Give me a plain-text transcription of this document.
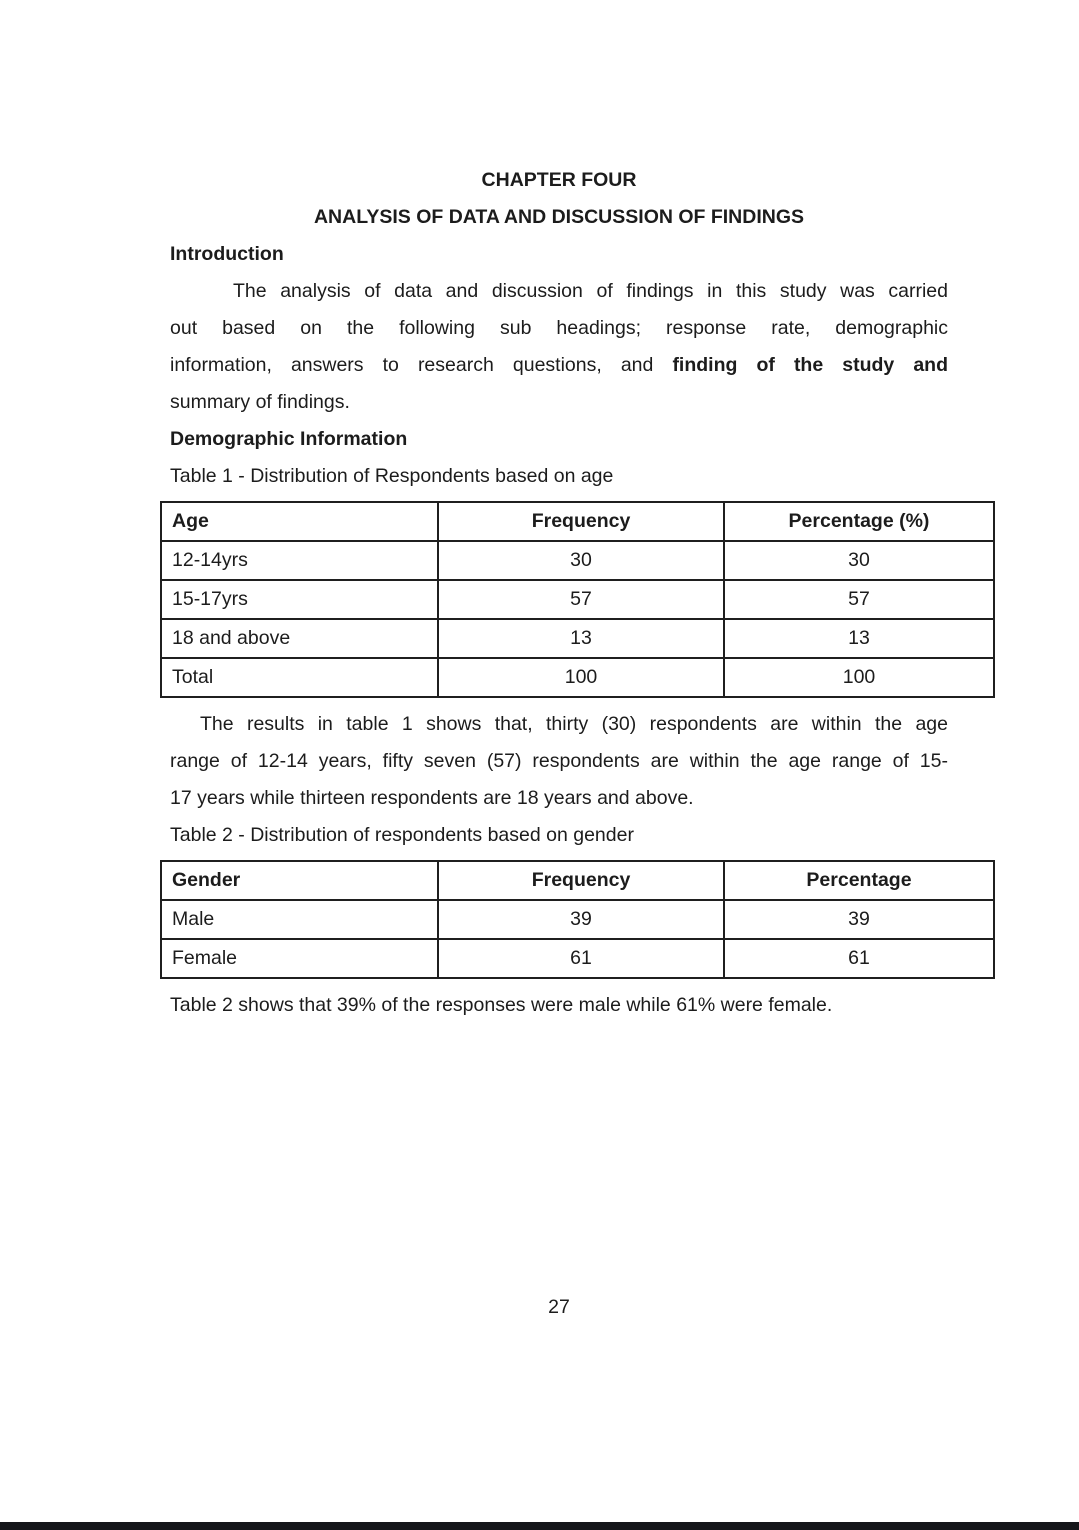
CHAPTER FOUR
ANALYSIS OF DATA AND DISCUSSION OF FINDINGS
Introduction
The analysis of data and discussion of findings in this study was carried
out based on the following sub headings; response rate, demographic
information, answers to research questions, and finding of the study and
summary of findings.
Demographic Information
Table 1 - Distribution of Respondents based on age
Age	Frequency	Percentage (%)
12-14yrs	30	30
15-17yrs	57	57
18 and above	13	13
Total	100	100
The results in table 1 shows that, thirty (30) respondents are within the age
range of 12-14 years, fifty seven (57) respondents are within the age range of 15-
17 years while thirteen respondents are 18 years and above.
Table 2 - Distribution of respondents based on gender
Gender	Frequency	Percentage
Male	39	39
Female	61	61
Table 2 shows that 39% of the responses were male while 61% were female.
27
